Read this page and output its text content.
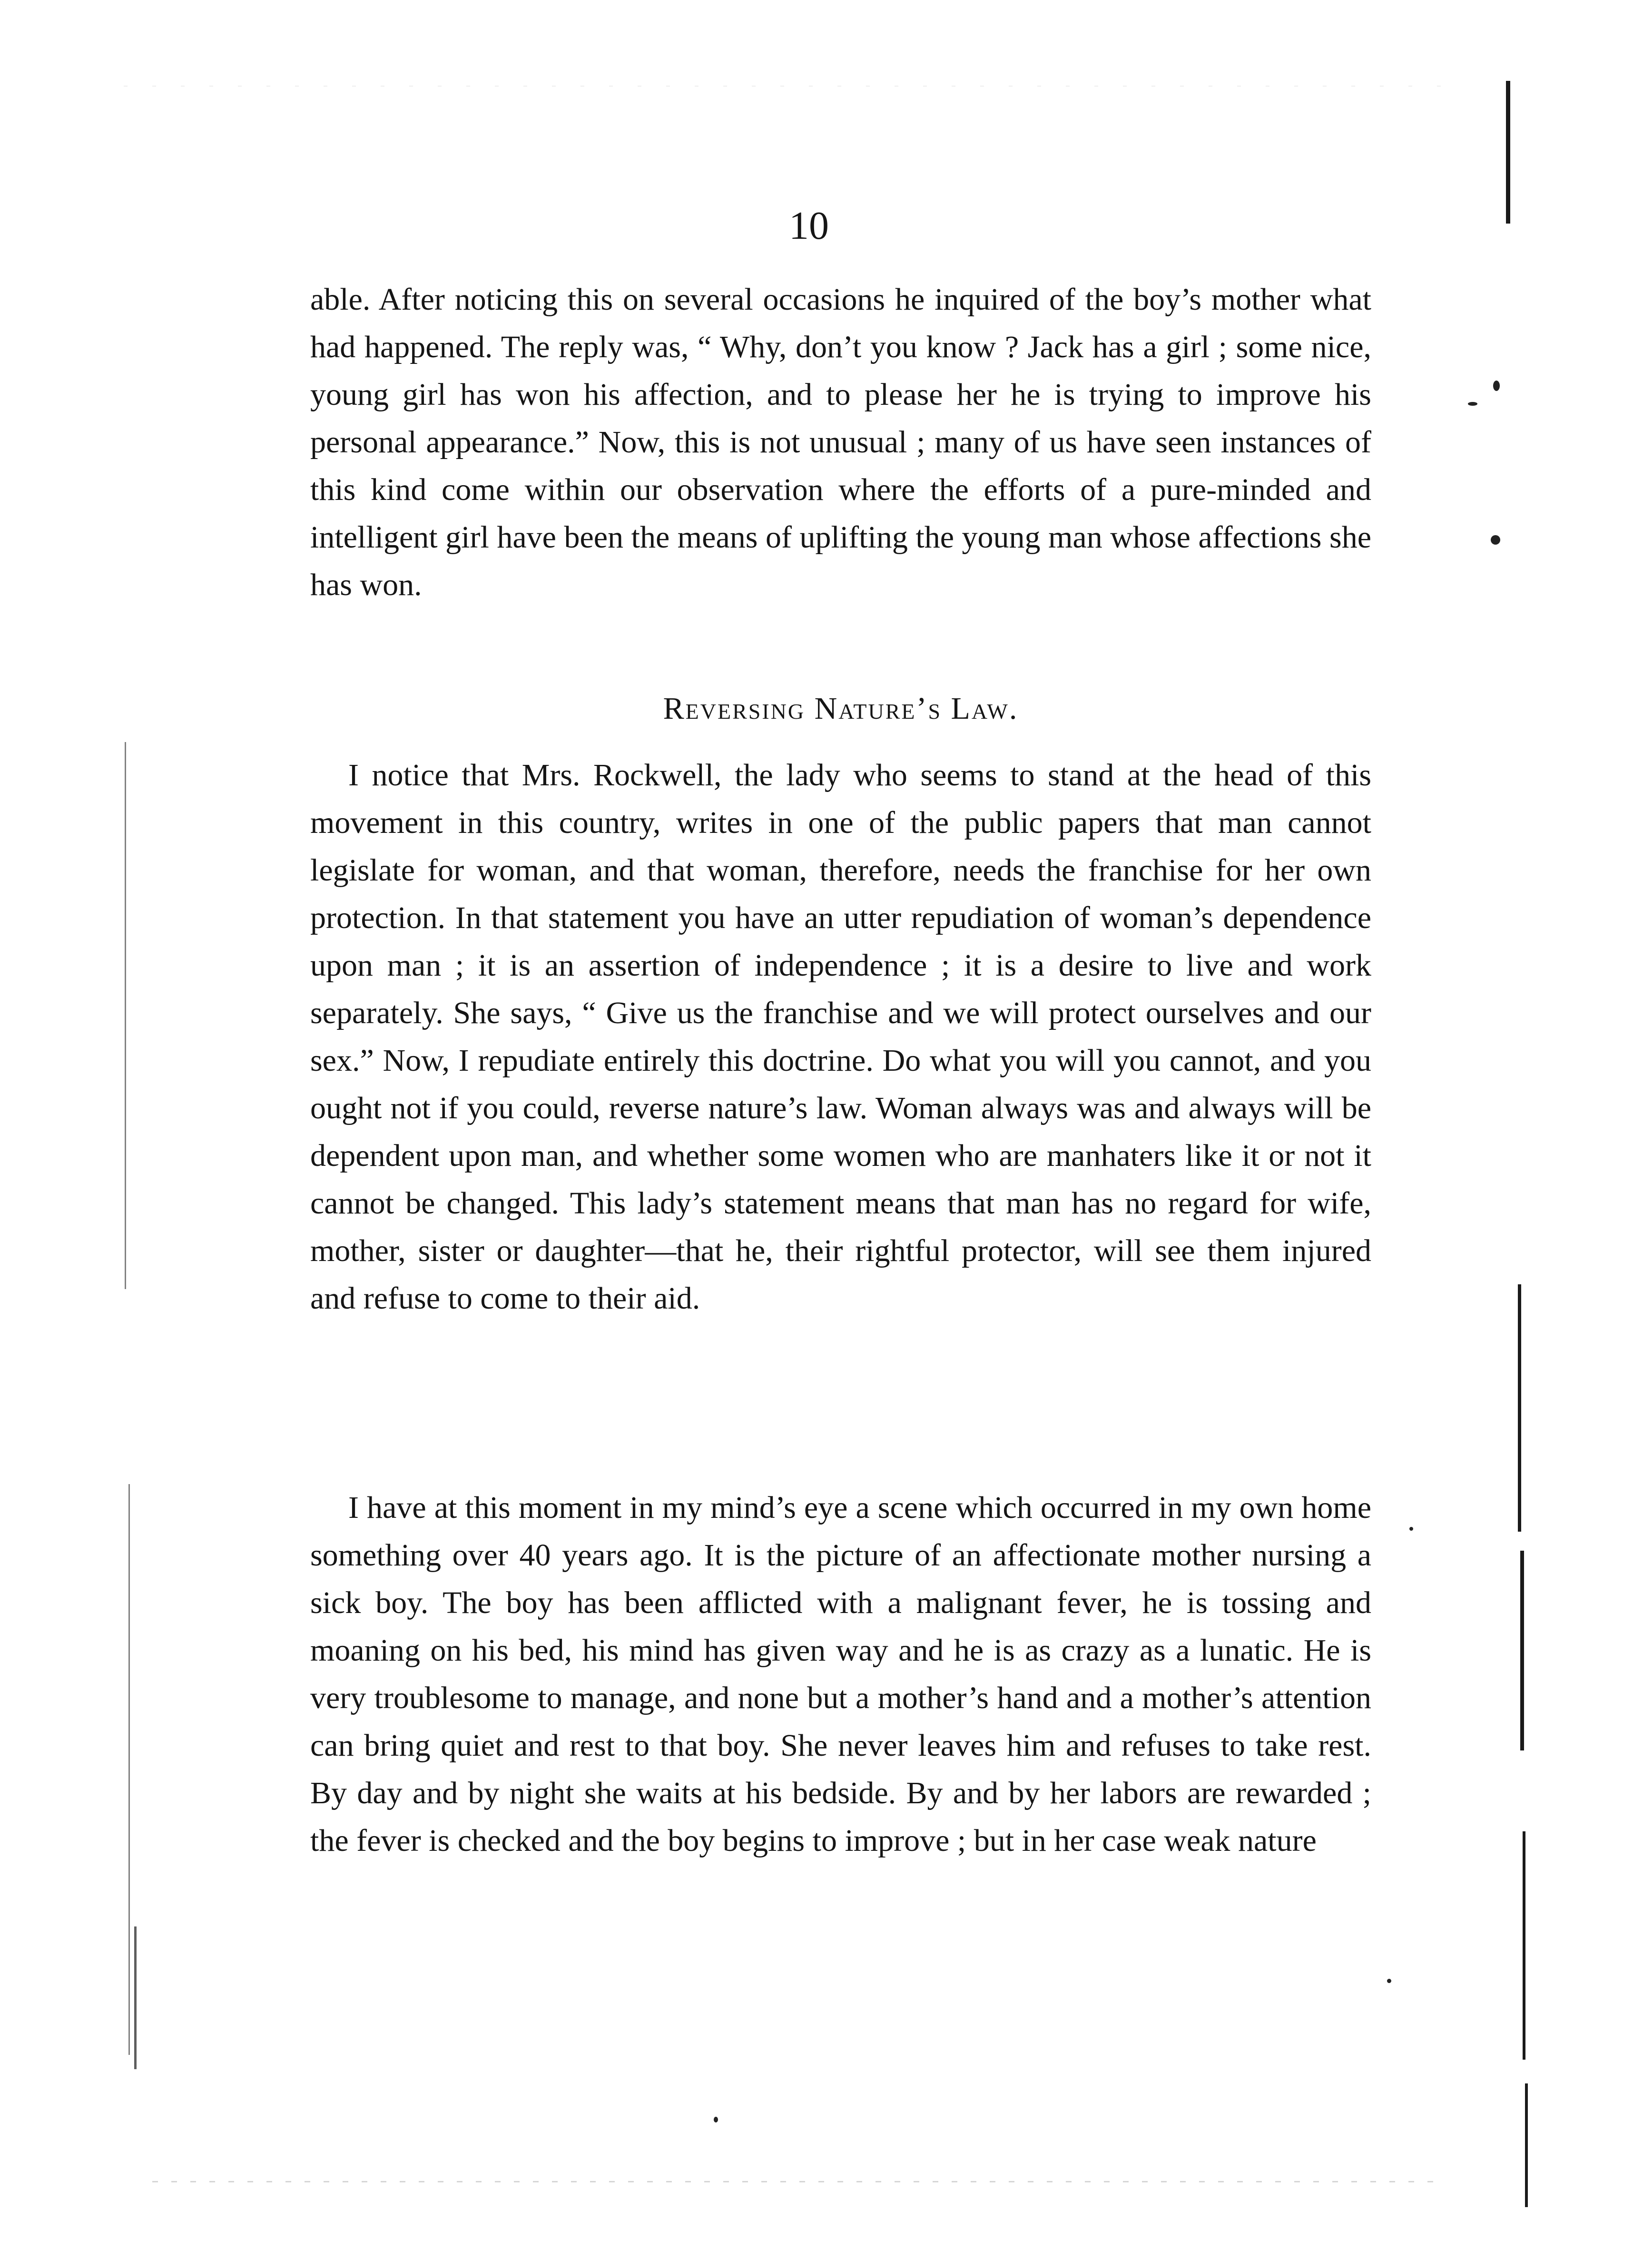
10

able. After noticing this on several occasions he inquired of the boy’s mother what had happened. The reply was, “ Why, don’t you know ? Jack has a girl ; some nice, young girl has won his affection, and to please her he is trying to improve his personal appearance.” Now, this is not unusual ; many of us have seen instances of this kind come within our observation where the efforts of a pure-minded and intelligent girl have been the means of uplifting the young man whose affections she has won.

Reversing Nature’s Law.

I notice that Mrs. Rockwell, the lady who seems to stand at the head of this movement in this country, writes in one of the public papers that man cannot legislate for woman, and that woman, therefore, needs the franchise for her own protection. In that statement you have an utter repudiation of woman’s dependence upon man ; it is an assertion of independence ; it is a desire to live and work separately. She says, “ Give us the franchise and we will protect ourselves and our sex.” Now, I repudiate entirely this doctrine. Do what you will you cannot, and you ought not if you could, reverse nature’s law. Woman always was and always will be dependent upon man, and whether some women who are manhaters like it or not it cannot be changed. This lady’s statement means that man has no regard for wife, mother, sister or daughter—that he, their rightful protector, will see them injured and refuse to come to their aid.

I have at this moment in my mind’s eye a scene which occurred in my own home something over 40 years ago. It is the picture of an affectionate mother nursing a sick boy. The boy has been afflicted with a malignant fever, he is tossing and moaning on his bed, his mind has given way and he is as crazy as a lunatic. He is very troublesome to manage, and none but a mother’s hand and a mother’s attention can bring quiet and rest to that boy. She never leaves him and refuses to take rest. By day and by night she waits at his bedside. By and by her labors are rewarded ; the fever is checked and the boy begins to improve ; but in her case weak nature
